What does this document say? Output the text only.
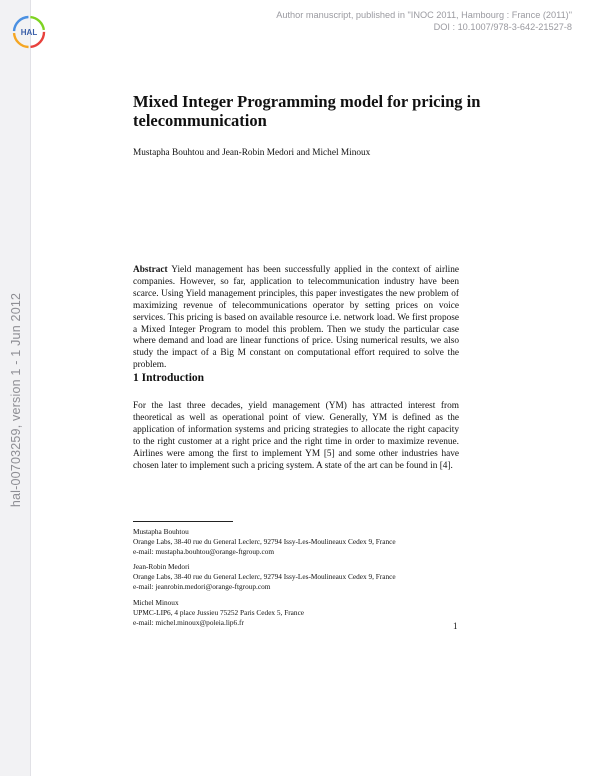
hal-00703259, version 1 - 1 Jun 2012
HAL
Author manuscript, published in "INOC 2011, Hambourg : France (2011)"
DOI : 10.1007/978-3-642-21527-8
Mixed Integer Programming model for pricing in telecommunication
Mustapha Bouhtou and Jean-Robin Medori and Michel Minoux

Abstract Yield management has been successfully applied in the context of airline companies. However, so far, application to telecommunication industry have been scarce. Using Yield management principles, this paper investigates the new problem of maximizing revenue of telecommunications operator by setting prices on voice services. This pricing is based on available resource i.e. network load. We first propose a Mixed Integer Program to model this problem. Then we study the particular case where demand and load are linear functions of price. Using numerical results, we also study the impact of a Big M constant on computational effort required to solve the problem.

1 Introduction

For the last three decades, yield management (YM) has attracted interest from theoretical as well as operational point of view. Generally, YM is defined as the application of information systems and pricing strategies to allocate the right capacity to the right customer at a right price and the right time in order to maximize revenue. Airlines were among the first to implement YM [5] and some other industries have chosen later to implement such a pricing system. A state of the art can be found in [4].

Mustapha Bouhtou
Orange Labs, 38-40 rue du General Leclerc, 92794 Issy-Les-Moulineaux Cedex 9, France
e-mail: mustapha.bouhtou@orange-ftgroup.com
Jean-Robin Medori
Orange Labs, 38-40 rue du General Leclerc, 92794 Issy-Les-Moulineaux Cedex 9, France
e-mail: jeanrobin.medori@orange-ftgroup.com
Michel Minoux
UPMC-LIP6, 4 place Jussieu 75252 Paris Cedex 5, France
e-mail: michel.minoux@poleia.lip6.fr	1
